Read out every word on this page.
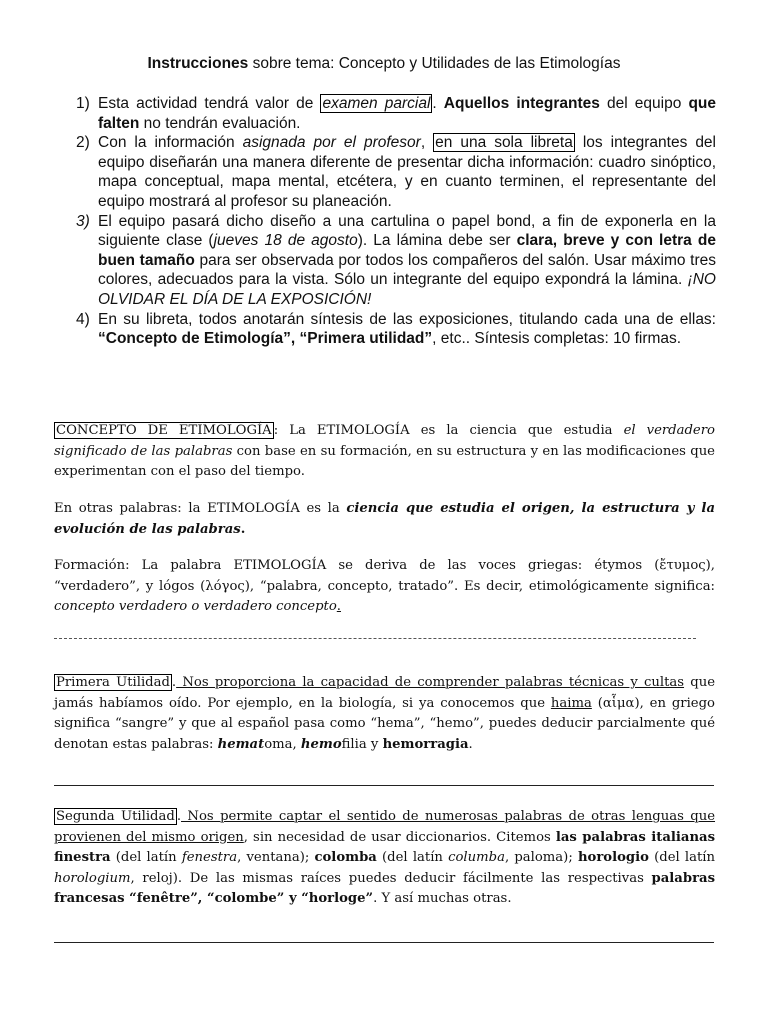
Instrucciones sobre tema: Concepto y Utilidades de las Etimologías
1) Esta actividad tendrá valor de examen parcial . Aquellos integrantes del equipo que falten no tendrán evaluación.
2) Con la información asignada por el profesor, en una sola libreta los integrantes del equipo diseñarán una manera diferente de presentar dicha información: cuadro sinóptico, mapa conceptual, mapa mental, etcétera, y en cuanto terminen, el representante del equipo mostrará al profesor su planeación.
3) El equipo pasará dicho diseño a una cartulina o papel bond, a fin de exponerla en la siguiente clase (jueves 18 de agosto). La lámina debe ser clara, breve y con letra de buen tamaño para ser observada por todos los compañeros del salón. Usar máximo tres colores, adecuados para la vista. Sólo un integrante del equipo expondrá la lámina. ¡NO OLVIDAR EL DÍA DE LA EXPOSICIÓN!
4) En su libreta, todos anotarán síntesis de las exposiciones, titulando cada una de ellas: “Concepto de Etimología”, “Primera utilidad”, etc.. Síntesis completas: 10 firmas.

CONCEPTO DE ETIMOLOGÍA : La ETIMOLOGÍA es la ciencia que estudia el verdadero significado de las palabras con base en su formación, en su estructura y en las modificaciones que experimentan con el paso del tiempo.

En otras palabras: la ETIMOLOGÍA es la ciencia que estudia el origen, la estructura y la evolución de las palabras.

Formación: La palabra ETIMOLOGÍA se deriva de las voces griegas: étymos (ἔτυμος), “verdadero”, y lógos (λόγος), “palabra, concepto, tratado”. Es decir, etimológicamente significa: concepto verdadero o verdadero concepto.

Primera Utilidad . Nos proporciona la capacidad de comprender palabras técnicas y cultas que jamás habíamos oído. Por ejemplo, en la biología, si ya conocemos que haima (αἷμα), en griego significa “sangre” y que al español pasa como “hema”, “hemo”, puedes deducir parcialmente qué denotan estas palabras: hematoma, hemofilia y hemorragia.

Segunda Utilidad . Nos permite captar el sentido de numerosas palabras de otras lenguas que provienen del mismo origen, sin necesidad de usar diccionarios. Citemos las palabras italianas finestra (del latín fenestra, ventana); colomba (del latín columba, paloma); horologio (del latín horologium, reloj). De las mismas raíces puedes deducir fácilmente las respectivas palabras francesas “fenêtre”, “colombe” y “horloge”. Y así muchas otras.
